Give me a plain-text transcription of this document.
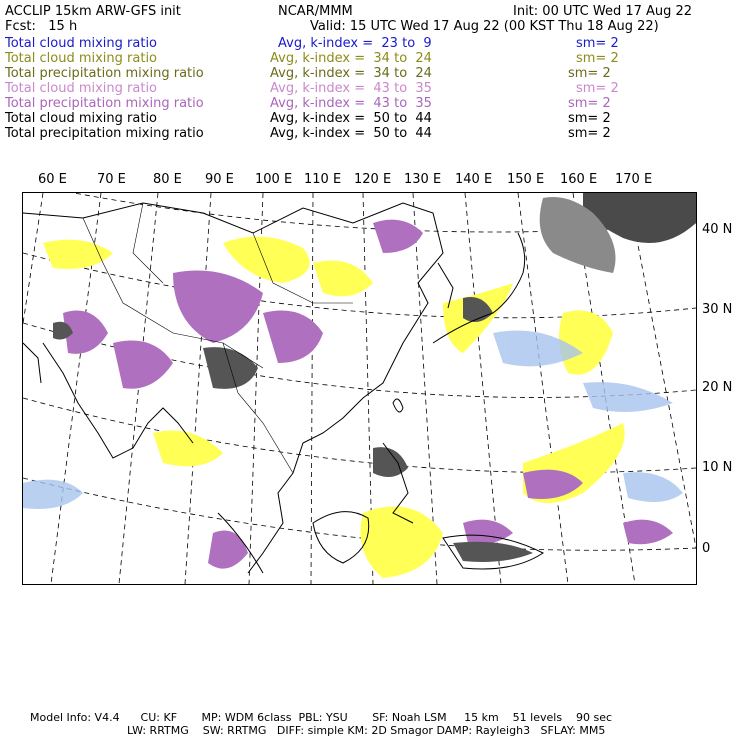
ACCLIP 15km ARW-GFS init	NCAR/MMM	Init: 00 UTC Wed 17 Aug 22
Fcst:   15 h	Valid: 15 UTC Wed 17 Aug 22 (00 KST Thu 18 Aug 22)
Total cloud mixing ratio	Avg, k-index =  23 to  9	sm= 2
Total cloud mixing ratio	Avg, k-index =  34 to  24	sm= 2
Total precipitation mixing ratio	Avg, k-index =  34 to  24	sm= 2
Total cloud mixing ratio	Avg, k-index =  43 to  35	sm= 2
Total precipitation mixing ratio	Avg, k-index =  43 to  35	sm= 2
Total cloud mixing ratio	Avg, k-index =  50 to  44	sm= 2
Total precipitation mixing ratio	Avg, k-index =  50 to  44	sm= 2
60 E 70 E 80 E 90 E 100 E 110 E 120 E 130 E 140 E 150 E 160 E 170 E
40 N
30 N
20 N
10 N
0
Model Info: V4.4      CU: KF       MP: WDM 6class  PBL: YSU       SF: Noah LSM     15 km    51 levels    90 sec
LW: RRTMG    SW: RRTMG   DIFF: simple KM: 2D Smagor DAMP: Rayleigh3   SFLAY: MM5
